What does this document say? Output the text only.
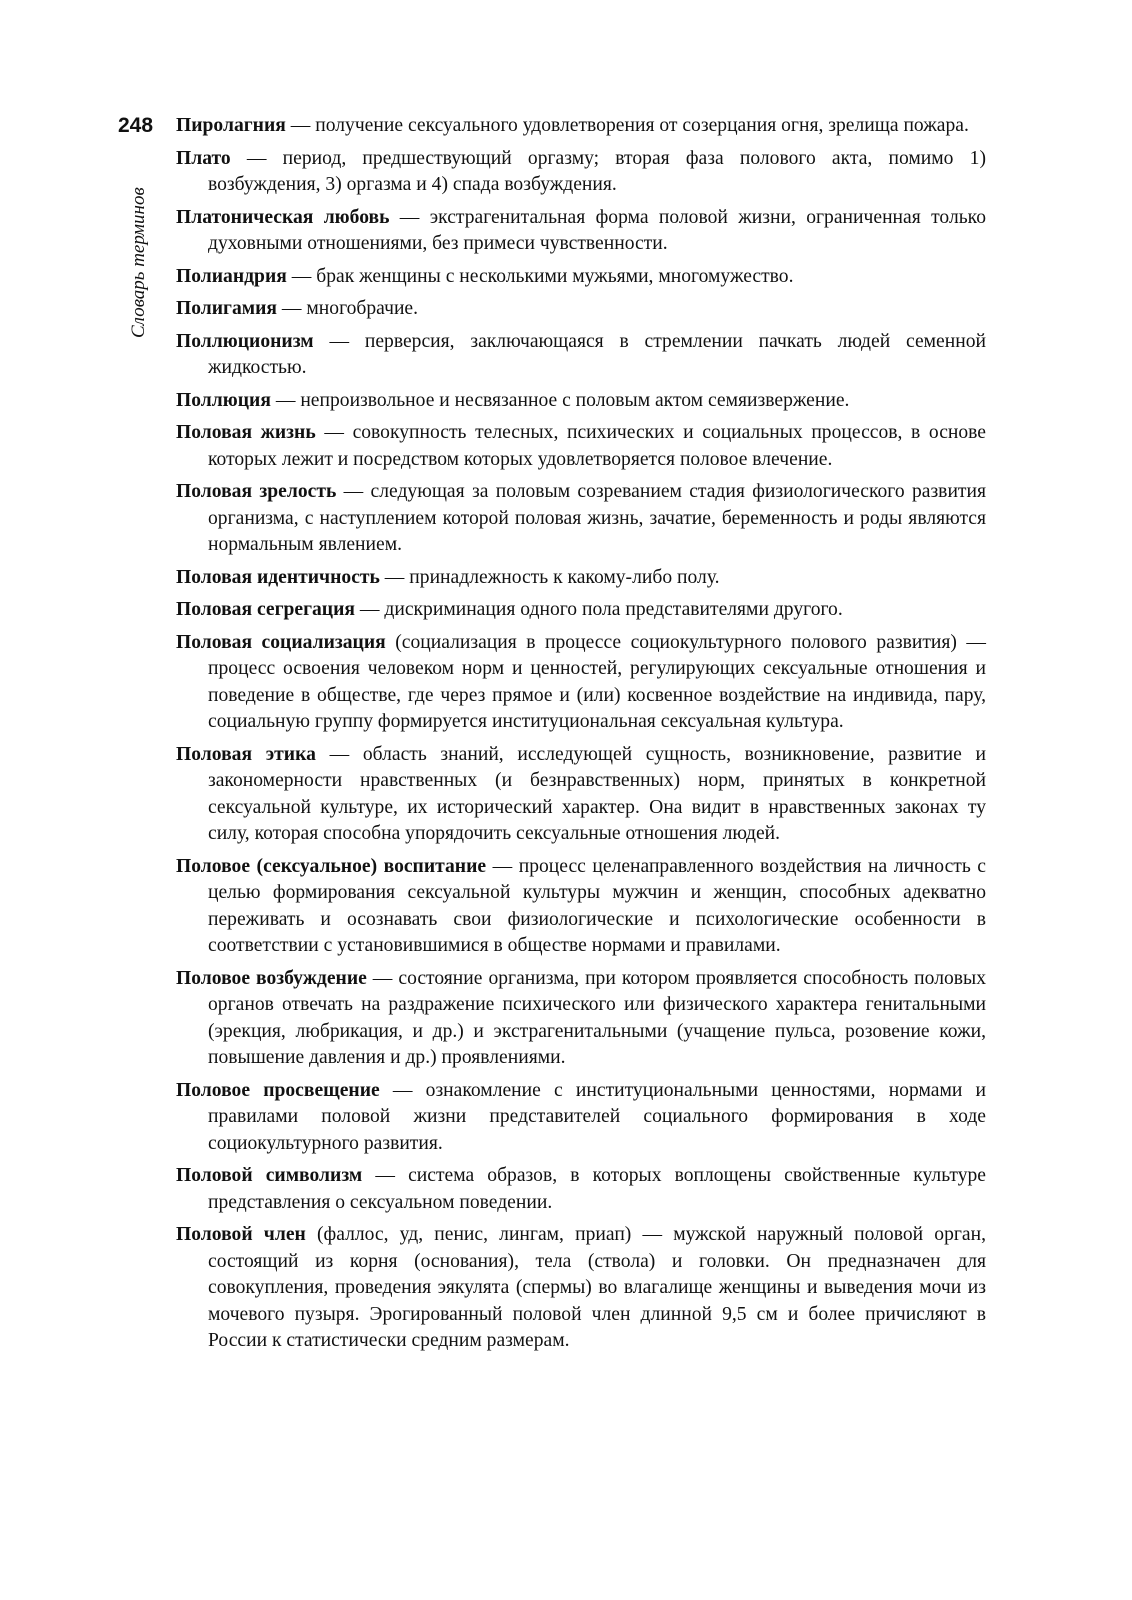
248
Словарь терминов

Пиролагния — получение сексуального удовлетворения от созерцания огня, зрелища пожара.

Плато — период, предшествующий оргазму; вторая фаза полового акта, помимо 1) возбуждения, 3) оргазма и 4) спада возбуждения.

Платоническая любовь — экстрагенитальная форма половой жизни, ограниченная только духовными отношениями, без примеси чувственности.

Полиандрия — брак женщины с несколькими мужьями, многомужество.

Полигамия — многобрачие.

Поллюционизм — перверсия, заключающаяся в стремлении пачкать людей семенной жидкостью.

Поллюция — непроизвольное и несвязанное с половым актом семяизвержение.

Половая жизнь — совокупность телесных, психических и социальных процессов, в основе которых лежит и посредством которых удовлетворяется половое влечение.

Половая зрелость — следующая за половым созреванием стадия физиологического развития организма, с наступлением которой половая жизнь, зачатие, беременность и роды являются нормальным явлением.

Половая идентичность — принадлежность к какому-либо полу.

Половая сегрегация — дискриминация одного пола представителями другого.

Половая социализация (социализация в процессе социокультурного полового развития) — процесс освоения человеком норм и ценностей, регулирующих сексуальные отношения и поведение в обществе, где через прямое и (или) косвенное воздействие на индивида, пару, социальную группу формируется институциональная сексуальная культура.

Половая этика — область знаний, исследующей сущность, возникновение, развитие и закономерности нравственных (и безнравственных) норм, принятых в конкретной сексуальной культуре, их исторический характер. Она видит в нравственных законах ту силу, которая способна упорядочить сексуальные отношения людей.

Половое (сексуальное) воспитание — процесс целенаправленного воздействия на личность с целью формирования сексуальной культуры мужчин и женщин, способных адекватно переживать и осознавать свои физиологические и психологические особенности в соответствии с установившимися в обществе нормами и правилами.

Половое возбуждение — состояние организма, при котором проявляется способность половых органов отвечать на раздражение психического или физического характера генитальными (эрекция, любрикация, и др.) и экстрагенитальными (учащение пульса, розовение кожи, повышение давления и др.) проявлениями.

Половое просвещение — ознакомление с институциональными ценностями, нормами и правилами половой жизни представителей социального формирования в ходе социокультурного развития.

Половой символизм — система образов, в которых воплощены свойственные культуре представления о сексуальном поведении.

Половой член (фаллос, уд, пенис, лингам, приап) — мужской наружный половой орган, состоящий из корня (основания), тела (ствола) и головки. Он предназначен для совокупления, проведения эякулята (спермы) во влагалище женщины и выведения мочи из мочевого пузыря. Эрогированный половой член длинной 9,5 см и более причисляют в России к статистически средним размерам.
